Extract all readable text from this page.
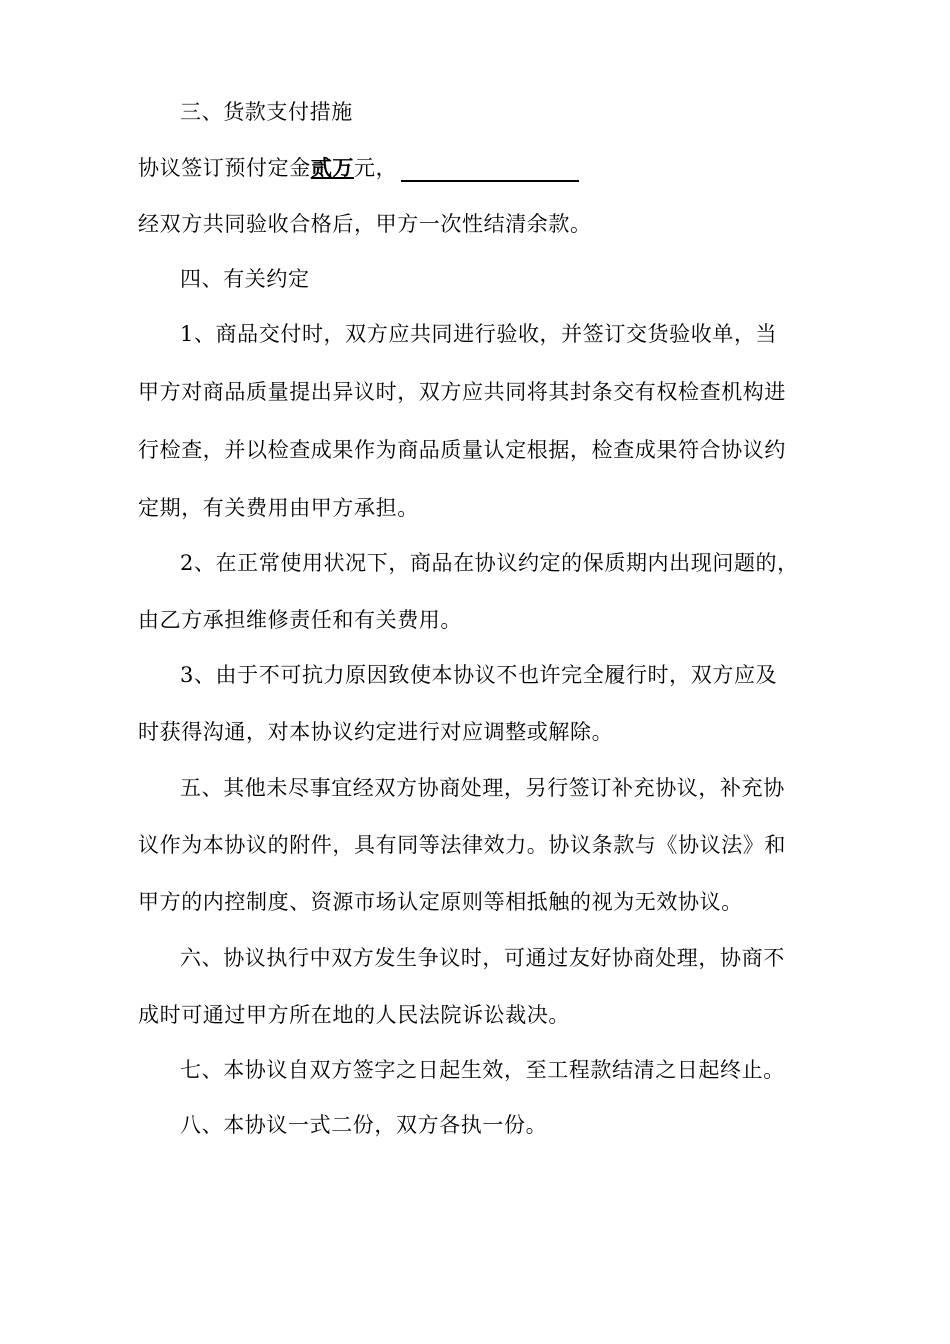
三、货款支付措施
协议签订预付定金贰万元，
经双方共同验收合格后，甲方一次性结清余款。
四、有关约定
1、商品交付时，双方应共同进行验收，并签订交货验收单，当
甲方对商品质量提出异议时，双方应共同将其封条交有权检查机构进
行检查，并以检查成果作为商品质量认定根据，检查成果符合协议约
定期，有关费用由甲方承担。
2、在正常使用状况下，商品在协议约定的保质期内出现问题的，
由乙方承担维修责任和有关费用。
3、由于不可抗力原因致使本协议不也许完全履行时，双方应及
时获得沟通，对本协议约定进行对应调整或解除。
五、其他未尽事宜经双方协商处理，另行签订补充协议，补充协
议作为本协议的附件，具有同等法律效力。协议条款与《协议法》和
甲方的内控制度、资源市场认定原则等相抵触的视为无效协议。
六、协议执行中双方发生争议时，可通过友好协商处理，协商不
成时可通过甲方所在地的人民法院诉讼裁决。
七、本协议自双方签字之日起生效，至工程款结清之日起终止。
八、本协议一式二份，双方各执一份。
